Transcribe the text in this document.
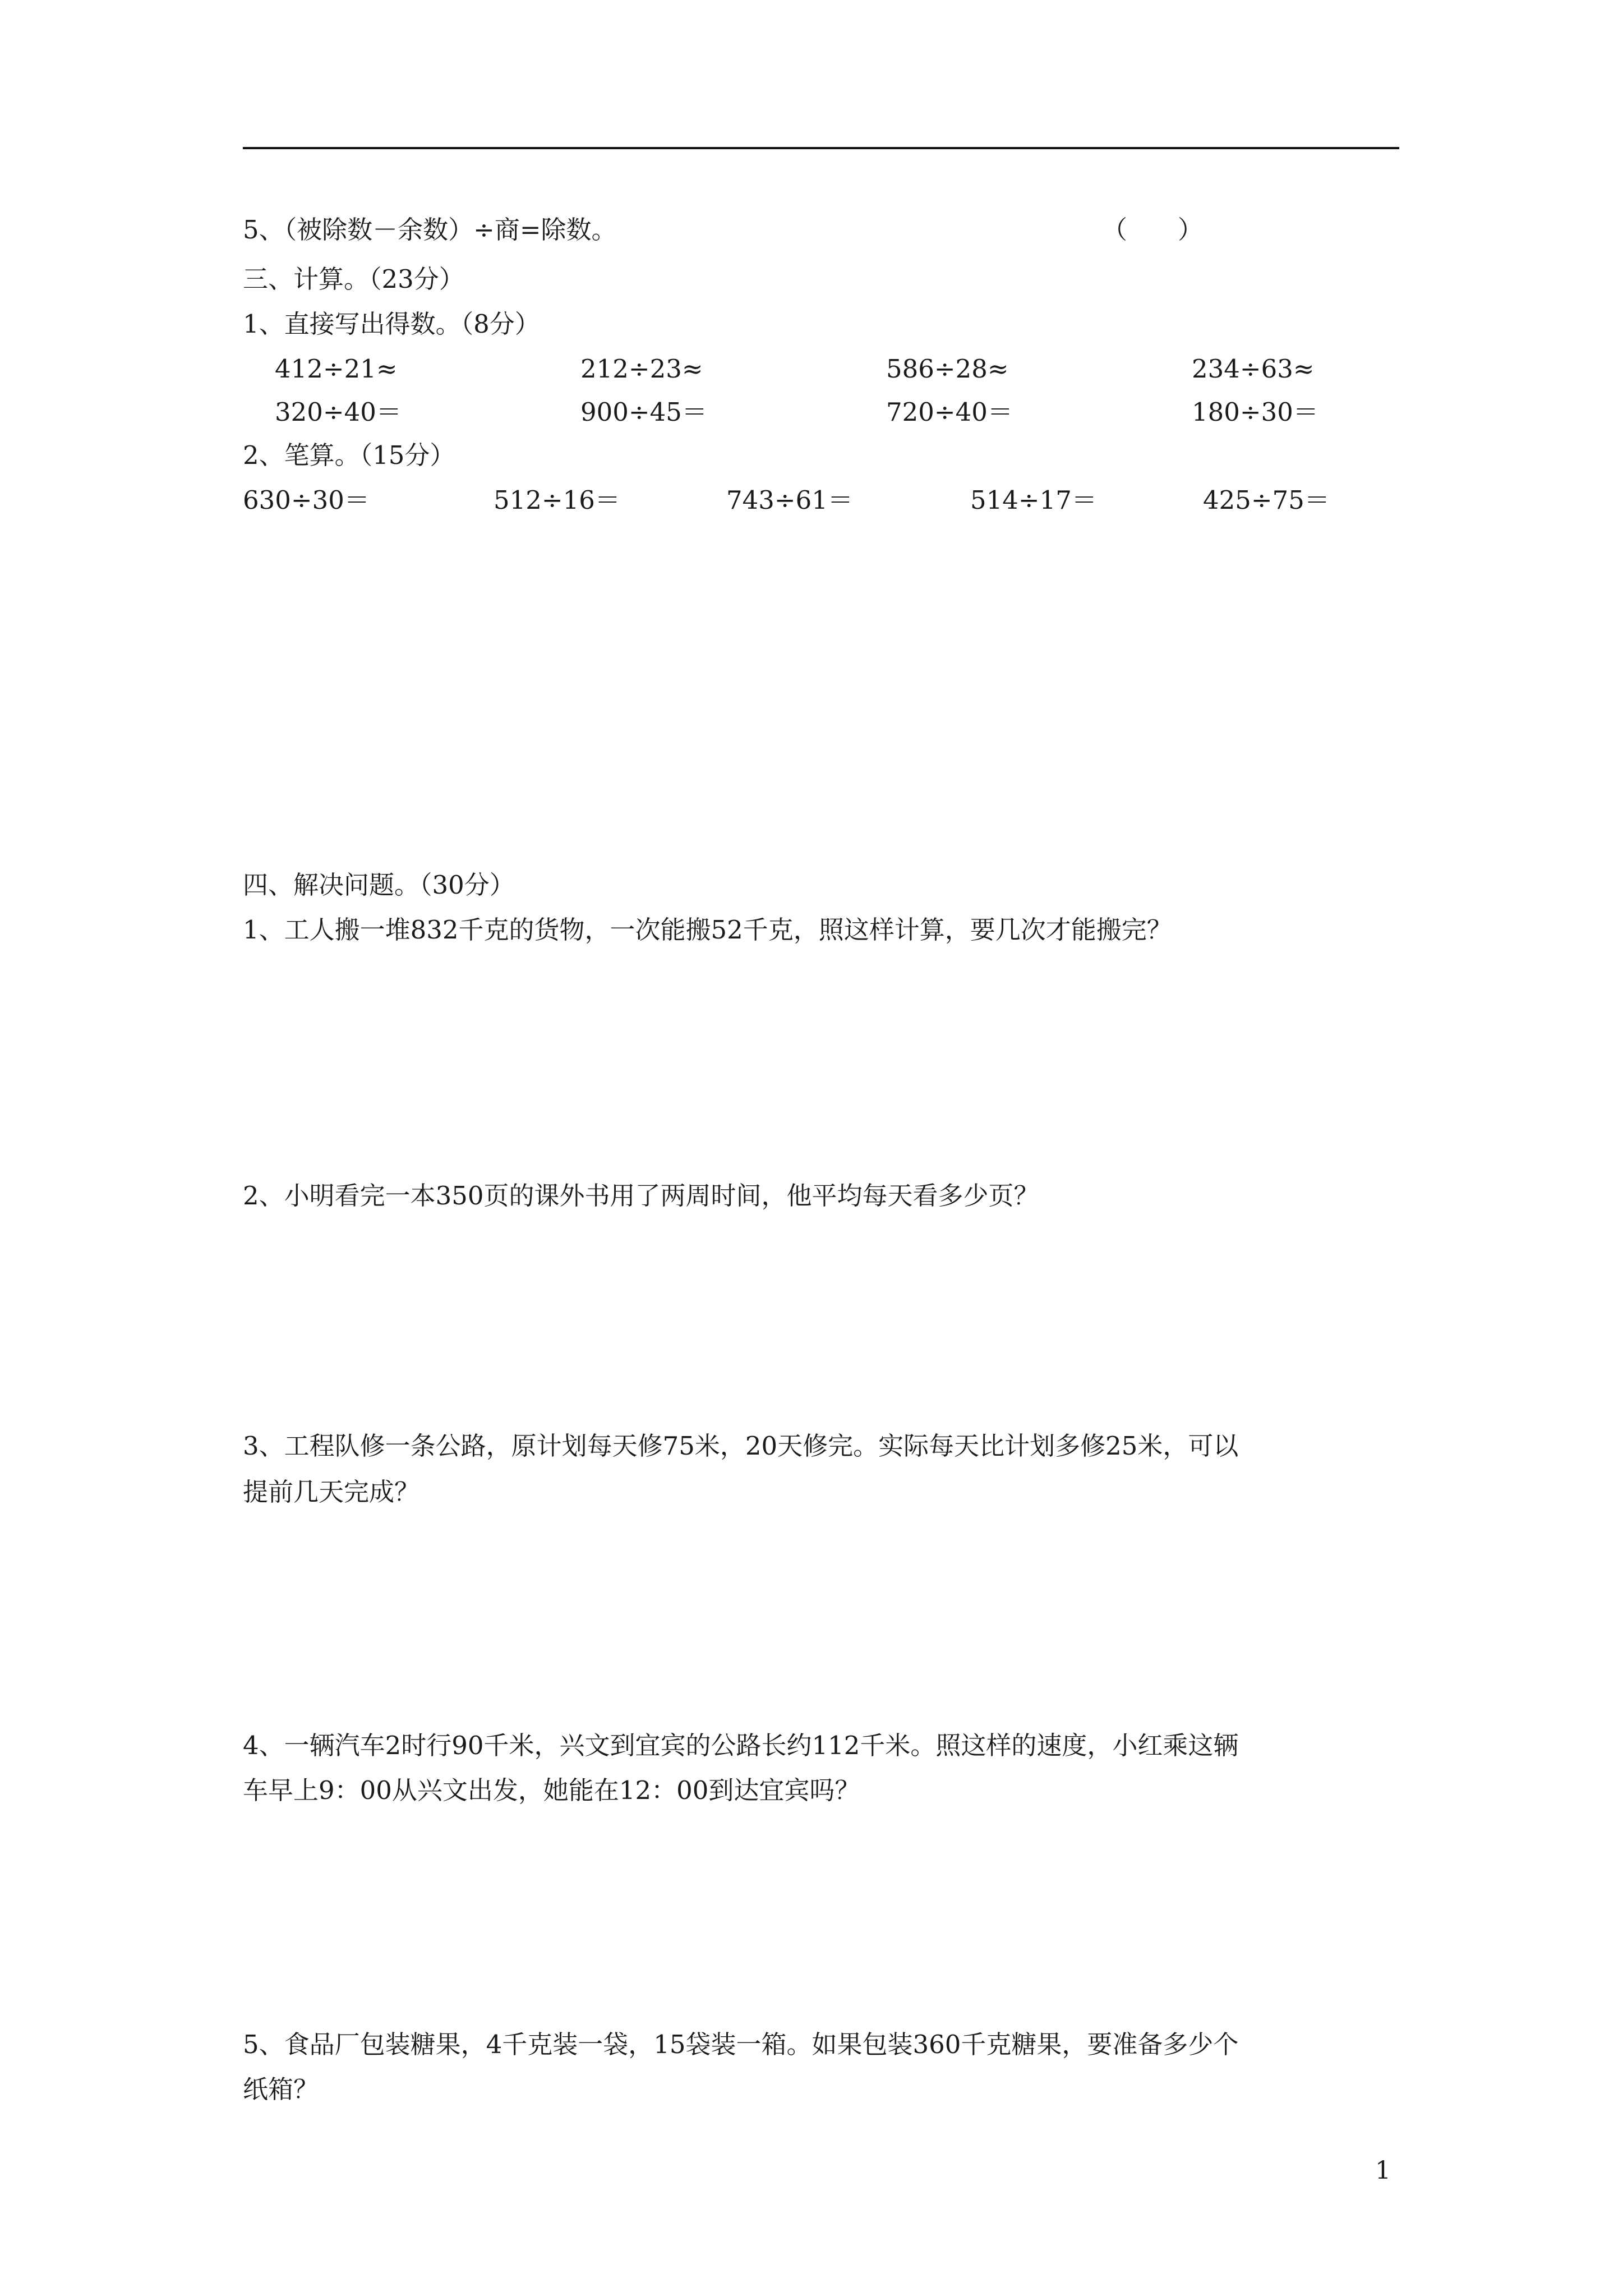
5、（被除数－余数）÷商=除数。	（　　）
三、计算。（23分）
1、直接写出得数。（8分）
412÷21≈	212÷23≈	586÷28≈	234÷63≈
320÷40＝	900÷45＝	720÷40＝	180÷30＝
2、笔算。（15分）
630÷30＝	512÷16＝	743÷61＝	514÷17＝	425÷75＝
四、解决问题。（30分）
1、工人搬一堆832千克的货物，一次能搬52千克，照这样计算，要几次才能搬完？
2、小明看完一本350页的课外书用了两周时间，他平均每天看多少页？
3、工程队修一条公路，原计划每天修75米，20天修完。实际每天比计划多修25米，可以
提前几天完成？
4、一辆汽车2时行90千米，兴文到宜宾的公路长约112千米。照这样的速度，小红乘这辆
车早上9：00从兴文出发，她能在12：00到达宜宾吗？
5、食品厂包装糖果，4千克装一袋，15袋装一箱。如果包装360千克糖果，要准备多少个
纸箱？
1
